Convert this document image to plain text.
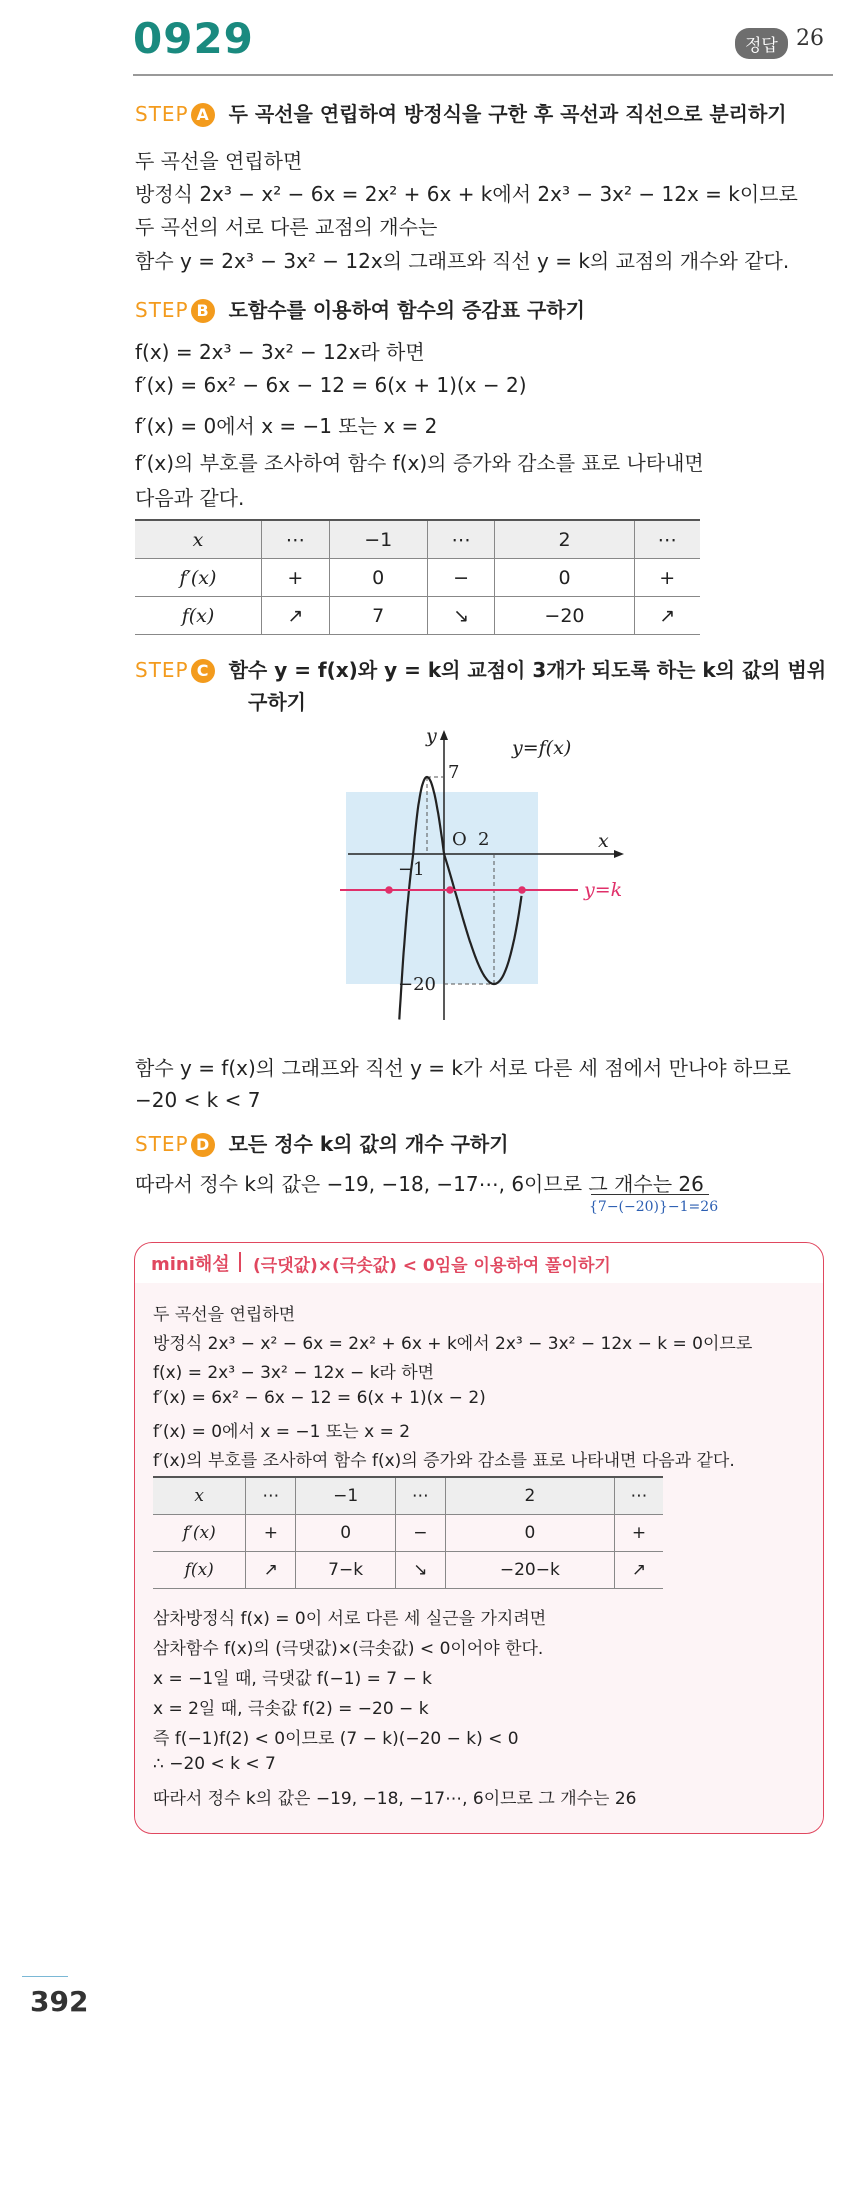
0929	정답 26
STEP A 두 곡선을 연립하여 방정식을 구한 후 곡선과 직선으로 분리하기
두 곡선을 연립하면
방정식 2x³ − x² − 6x = 2x² + 6x + k에서 2x³ − 3x² − 12x = k이므로
두 곡선의 서로 다른 교점의 개수는
함수 y = 2x³ − 3x² − 12x의 그래프와 직선 y = k의 교점의 개수와 같다.
STEP B 도함수를 이용하여 함수의 증감표 구하기
f(x) = 2x³ − 3x² − 12x라 하면
f′(x) = 6x² − 6x − 12 = 6(x + 1)(x − 2)
f′(x) = 0에서 x = −1 또는 x = 2
f′(x)의 부호를 조사하여 함수 f(x)의 증가와 감소를 표로 나타내면
다음과 같다.
x	⋯	−1	⋯	2	⋯
f′(x)	+	0	−	0	+
f(x)	↗	7	↘	−20	↗
STEP C 함수 y = f(x)와 y = k의 교점이 3개가 되도록 하는 k의 값의 범위
구하기
y
x
y=f(x)
y=k
O
−1
2
7
−20
함수 y = f(x)의 그래프와 직선 y = k가 서로 다른 세 점에서 만나야 하므로
−20 < k < 7
STEP D 모든 정수 k의 값의 개수 구하기
따라서 정수 k의 값은 −19, −18, −17⋯, 6이므로 그 개수는 26
{7−(−20)}−1=26
mini해설 (극댓값)×(극솟값) < 0임을 이용하여 풀이하기
두 곡선을 연립하면
방정식 2x³ − x² − 6x = 2x² + 6x + k에서 2x³ − 3x² − 12x − k = 0이므로
f(x) = 2x³ − 3x² − 12x − k라 하면
f′(x) = 6x² − 6x − 12 = 6(x + 1)(x − 2)
f′(x) = 0에서 x = −1 또는 x = 2
f′(x)의 부호를 조사하여 함수 f(x)의 증가와 감소를 표로 나타내면 다음과 같다.
x	⋯	−1	⋯	2	⋯
f′(x)	+	0	−	0	+
f(x)	↗	7−k	↘	−20−k	↗
삼차방정식 f(x) = 0이 서로 다른 세 실근을 가지려면
삼차함수 f(x)의 (극댓값)×(극솟값) < 0이어야 한다.
x = −1일 때, 극댓값 f(−1) = 7 − k
x = 2일 때, 극솟값 f(2) = −20 − k
즉 f(−1)f(2) < 0이므로 (7 − k)(−20 − k) < 0
∴ −20 < k < 7
따라서 정수 k의 값은 −19, −18, −17⋯, 6이므로 그 개수는 26
392
